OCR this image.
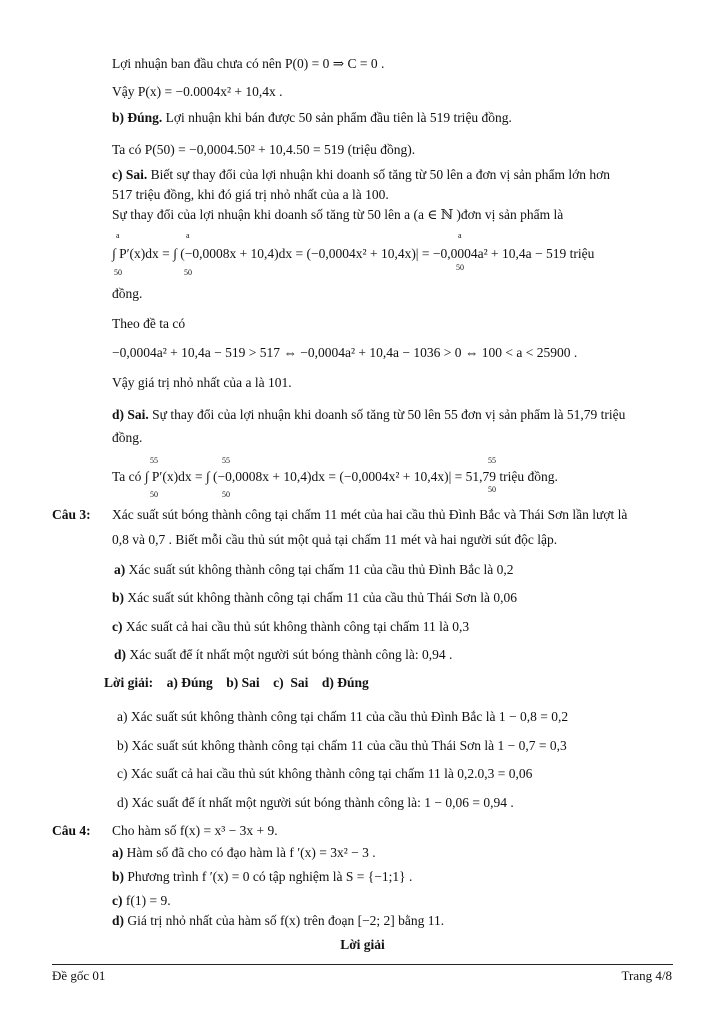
Lợi nhuận ban đầu chưa có nên P(0) = 0 ⇒ C = 0 .
Vậy P(x) = −0.0004x² + 10,4x .
b) Đúng. Lợi nhuận khi bán được 50 sản phẩm đầu tiên là 519 triệu đồng.
Ta có P(50) = −0,0004.50² + 10,4.50 = 519 (triệu đồng).
c) Sai. Biết sự thay đổi của lợi nhuận khi doanh số tăng từ 50 lên a đơn vị sản phẩm lớn hơn
517 triệu đồng, khi đó giá trị nhỏ nhất của a là 100.
Sự thay đổi của lợi nhuận khi doanh số tăng từ 50 lên a (a ∈ ℕ )đơn vị sản phẩm là
∫ P′(x)dx = ∫ (−0,0008x + 10,4)dx = (−0,0004x² + 10,4x)| = −0,0004a² + 10,4a − 519 triệu
a
50
a
50
a
50
đồng.
Theo đề ta có
−0,0004a² + 10,4a − 519 > 517 ⇔ −0,0004a² + 10,4a − 1036 > 0 ⇔ 100 < a < 25900 .
Vậy giá trị nhỏ nhất của a là 101.
d) Sai. Sự thay đổi của lợi nhuận khi doanh số tăng từ 50 lên 55 đơn vị sản phẩm là 51,79 triệu
đồng.
Ta có ∫ P′(x)dx = ∫ (−0,0008x + 10,4)dx = (−0,0004x² + 10,4x)| = 51,79 triệu đồng.
55
50
55
50
55
50
Câu 3: Xác suất sút bóng thành công tại chấm 11 mét của hai cầu thủ Đình Bắc và Thái Sơn lần lượt là
0,8 và 0,7 . Biết mỗi cầu thủ sút một quả tại chấm 11 mét và hai người sút độc lập.
a) Xác suất sút không thành công tại chấm 11 của cầu thủ Đình Bắc là 0,2
b) Xác suất sút không thành công tại chấm 11 của cầu thủ Thái Sơn là 0,06
c) Xác suất cả hai cầu thủ sút không thành công tại chấm 11 là 0,3
d) Xác suất để ít nhất một người sút bóng thành công là: 0,94 .
Lời giải:    a) Đúng    b) Sai    c)  Sai    d) Đúng
a) Xác suất sút không thành công tại chấm 11 của cầu thủ Đình Bắc là 1 − 0,8 = 0,2
b) Xác suất sút không thành công tại chấm 11 của cầu thủ Thái Sơn là 1 − 0,7 = 0,3
c) Xác suất cả hai cầu thủ sút không thành công tại chấm 11 là 0,2.0,3 = 0,06
d) Xác suất để ít nhất một người sút bóng thành công là: 1 − 0,06 = 0,94 .
Câu 4: Cho hàm số f(x) = x³ − 3x + 9.
a) Hàm số đã cho có đạo hàm là f ′(x) = 3x² − 3 .
b) Phương trình f ′(x) = 0 có tập nghiệm là S = {−1;1} .
c) f(1) = 9.
d) Giá trị nhỏ nhất của hàm số f(x) trên đoạn [−2; 2] bằng 11.
Lời giải
Đề gốc 01	Trang 4/8
